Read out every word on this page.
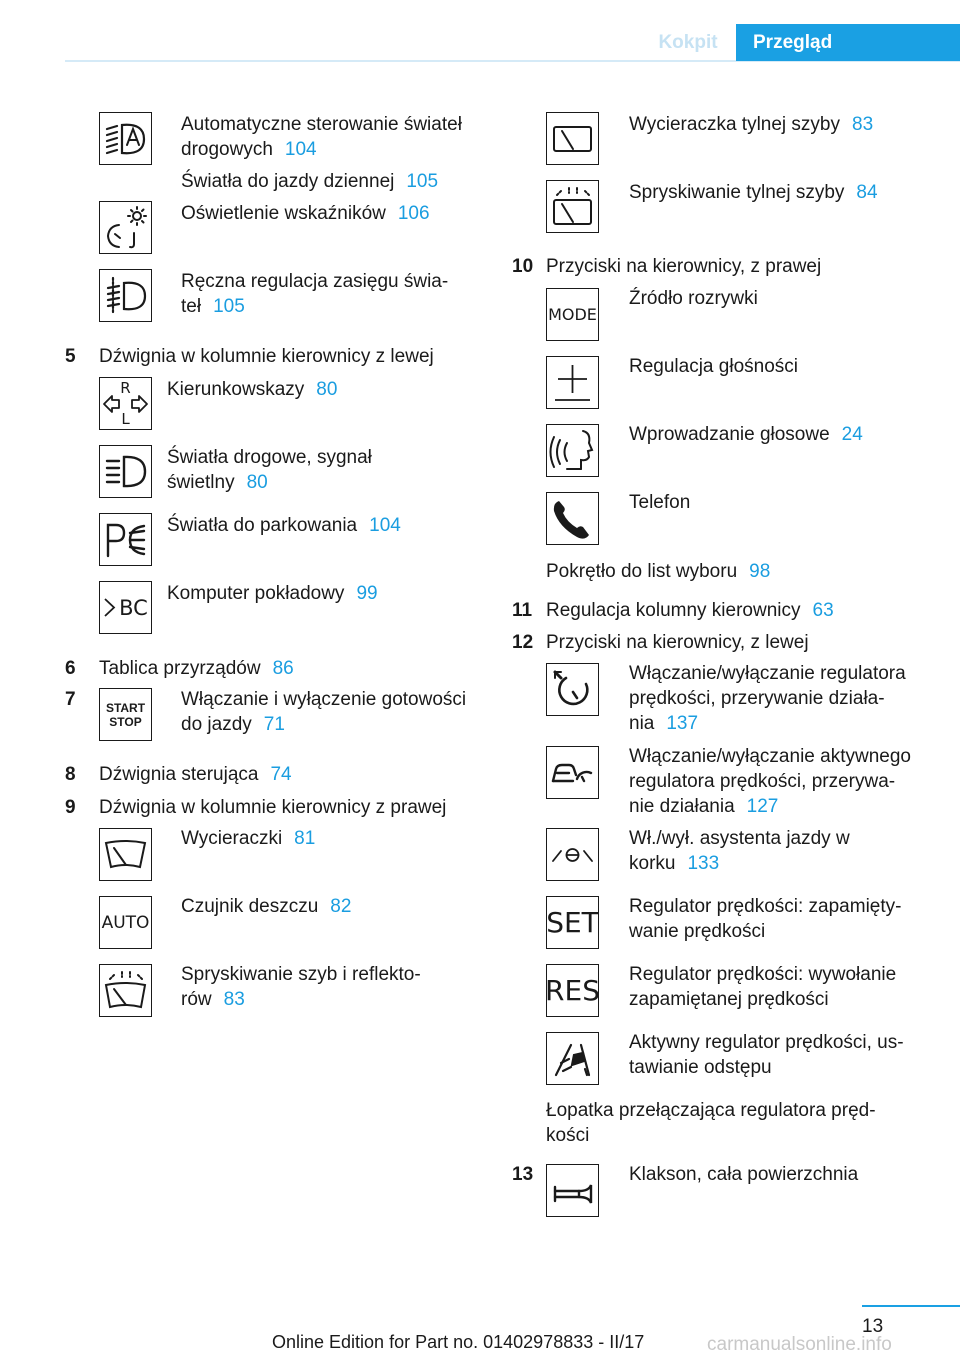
Kokpit	Przegląd
Automatyczne sterowanie świateł
drogowych 104
Światła do jazdy dziennej 105
Oświetlenie wskaźników 106
Ręczna regulacja zasięgu świa-
teł 105
5 Dźwignia w kolumnie kierownicy z lewej
R
L
Kierunkowskazy 80
Światła drogowe, sygnał
świetlny 80
Światła do parkowania 104
BC
Komputer pokładowy 99
6 Tablica przyrządów 86
7	START
STOP
Włączanie i wyłączenie gotowości
do jazdy 71
8 Dźwignia sterująca 74
9 Dźwignia w kolumnie kierownicy z prawej
Wycieraczki 81
AUTO
Czujnik deszczu 82
Spryskiwanie szyb i reflekto-
rów 83
Wycieraczka tylnej szyby 83
Spryskiwanie tylnej szyby 84
10 Przyciski na kierownicy, z prawej
MODE
Źródło rozrywki
Regulacja głośności
Wprowadzanie głosowe 24
Telefon
Pokrętło do list wyboru 98
11 Regulacja kolumny kierownicy 63
12 Przyciski na kierownicy, z lewej
Włączanie/wyłączanie regulatora
prędkości, przerywanie działa-
nia 137
Włączanie/wyłączanie aktywnego
regulatora prędkości, przerywa-
nie działania 127
Wł./wył. asystenta jazdy w
korku 133
SET Regulator prędkości: zapamięty-
wanie prędkości
RES Regulator prędkości: wywołanie
zapamiętanej prędkości
Aktywny regulator prędkości, us-
tawianie odstępu
Łopatka przełączająca regulatora pręd-
kości
13	Klakson, cała powierzchnia
13
Online Edition for Part no. 01402978833 - II/17	carmanualsonline.info
